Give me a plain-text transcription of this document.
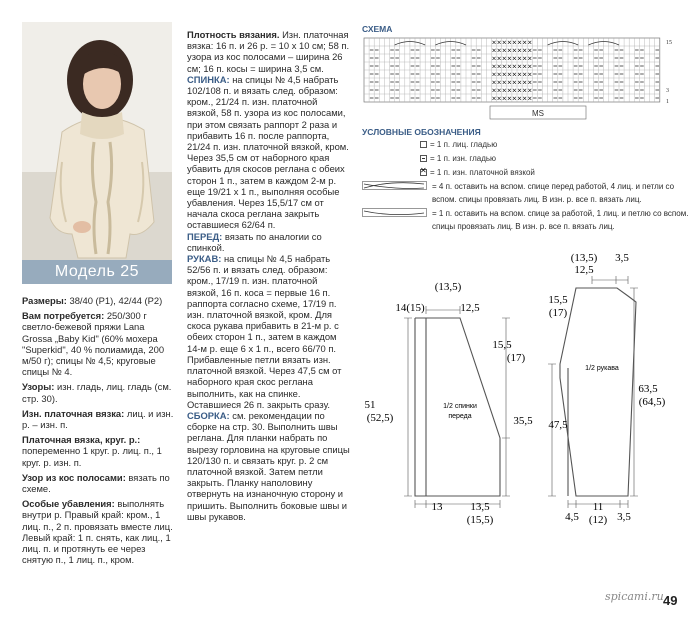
Модель 25

Размеры: 38/40 (P1), 42/44 (P2)

Вам потребуется: 250/300 г светло-бежевой пряжи Lana Grossa „Baby Kid" (60% мохера "Superkid", 40 % полиамида, 200 м/50 г); спицы № 4,5; круговые спицы № 4.

Узоры: изн. гладь, лиц. гладь (см. стр. 30).

Изн. платочная вязка: лиц. и изн. р. – изн. п.

Платочная вязка, круг. р.: попеременно 1 круг. р. лиц. п., 1 круг. р. изн. п.

Узор из кос полосами: вязать по схеме.

Особые убавления: выполнять внутри р. Правый край: кром., 1 лиц. п., 2 п. провязать вместе лиц. Левый край: 1 п. снять, как лиц., 1 лиц. п. и протянуть ее через снятую п., 1 лиц. п., кром.

Плотность вязания. Изн. платочная вязка: 16 п. и 26 р. = 10 x 10 см; 58 п. узора из кос полосами – ширина 26 см; 16 п. косы = ширина 3,5 см.

СПИНКА: на спицы № 4,5 набрать 102/108 п. и вязать след. образом: кром., 21/24 п. изн. платочной вязкой, 58 п. узора из кос полосами, при этом связать раппорт 2 раза и прибавить 16 п. после раппорта, 21/24 п. изн. платочной вязкой, кром. Через 35,5 см от наборного края убавить для скосов реглана с обеих сторон 1 п., затем в каждом 2-м р. еще 19/21 x 1 п., выполняя особые убавления. Через 15,5/17 см от начала скоса реглана закрыть оставшиеся 62/64 п.

ПЕРЕД: вязать по аналогии со спинкой.

РУКАВ: на спицы № 4,5 набрать 52/56 п. и вязать след. образом: кром., 17/19 п. изн. платочной вязкой, 16 п. коса = первые 16 п. раппорта согласно схеме, 17/19 п. изн. платочной вязкой, кром. Для скоса рукава прибавить в 21-м р. с обеих сторон 1 п., затем в каждом 14-м р. еще 6 x 1 п., всего 66/70 п. Прибавленные петли вязать изн. платочной вязкой. Через 47,5 см от наборного края скос реглана выполнить, как на спинке. Оставшиеся 26 п. закрыть сразу.

СБОРКА: см. рекомендации по сборке на стр. 30. Выполнить швы реглана. Для планки набрать по вырезу горловина на круговые спицы 120/130 п. и связать круг. р. 2 см платочной вязкой. Затем петли закрыть. Планку наполовину отвернуть на изнаночную сторону и пришить. Выполнить боковые швы и швы рукавов.

СХЕМА
✕ ✕ ✕ ✕ ✕ ✕ ✕ ✕
✕ ✕ ✕ ✕ ✕ ✕ ✕ ✕
✕ ✕ ✕ ✕ ✕ ✕ ✕ ✕
✕ ✕ ✕ ✕ ✕ ✕ ✕ ✕
✕ ✕ ✕ ✕ ✕ ✕ ✕ ✕
✕ ✕ ✕ ✕ ✕ ✕ ✕ ✕
✕ ✕ ✕ ✕ ✕ ✕ ✕ ✕
✕ ✕ ✕ ✕ ✕ ✕ ✕ ✕
15
3
1
MS
УСЛОВНЫЕ ОБОЗНАЧЕНИЯ
= 1 п. лиц. гладью
= 1 п. изн. гладью
✕
= 1 п. изн. платочной вязкой
= 4 п. оставить на вспом. спице перед работой, 4 лиц. и петли со вспом. спицы провязать лиц. В изн. р. все п. вязать лиц.
= 1 п. оставить на вспом. спице за работой, 1 лиц. и петлю со вспом. спицы провязать лиц. В изн. р. все п. вязать лиц.
(13,5)
12,5
14(15)
15,5
(17)
35,5
51
(52,5)
13	13,5
(15,5)
1/2 спинки
переда
(13,5)
12,5
3,5
15,5
(17)
47,5
63,5
(64,5)
4,5
11
(12) 3,5
1/2 рукава
spicami.ru 49
